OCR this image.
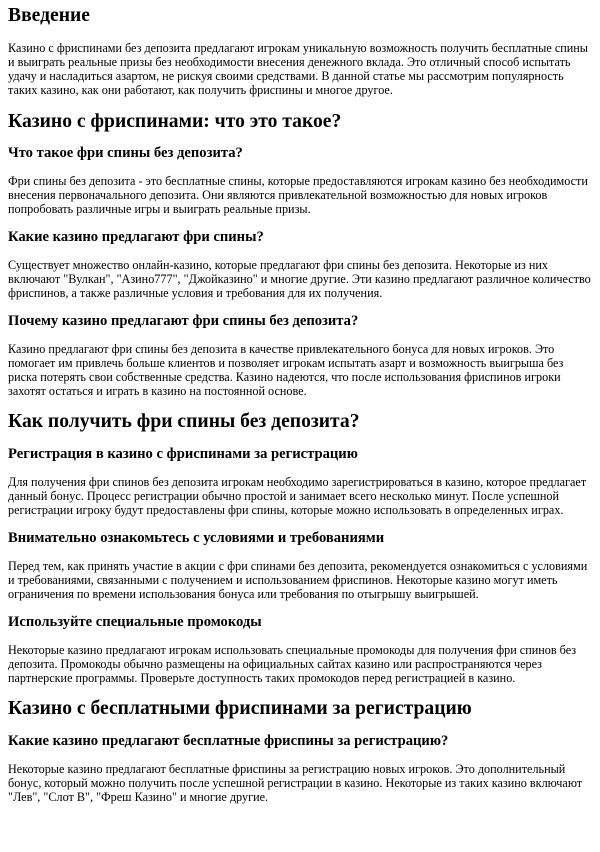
Введение

Казино с фриспинами без депозита предлагают игрокам уникальную возможность получить бесплатные спины и выиграть реальные призы без необходимости внесения денежного вклада. Это отличный способ испытать удачу и насладиться азартом, не рискуя своими средствами. В данной статье мы рассмотрим популярность таких казино, как они работают, как получить фриспины и многое другое.

Казино с фриспинами: что это такое?
Что такое фри спины без депозита?

Фри спины без депозита - это бесплатные спины, которые предоставляются игрокам казино без необходимости внесения первоначального депозита. Они являются привлекательной возможностью для новых игроков попробовать различные игры и выиграть реальные призы.

Какие казино предлагают фри спины?

Существует множество онлайн-казино, которые предлагают фри спины без депозита. Некоторые из них включают "Вулкан", "Азино777", "Джойказино" и многие другие. Эти казино предлагают различное количество фриспинов, а также различные условия и требования для их получения.

Почему казино предлагают фри спины без депозита?

Казино предлагают фри спины без депозита в качестве привлекательного бонуса для новых игроков. Это помогает им привлечь больше клиентов и позволяет игрокам испытать азарт и возможность выигрыша без риска потерять свои собственные средства. Казино надеются, что после использования фриспинов игроки захотят остаться и играть в казино на постоянной основе.

Как получить фри спины без депозита?
Регистрация в казино с фриспинами за регистрацию

Для получения фри спинов без депозита игрокам необходимо зарегистрироваться в казино, которое предлагает данный бонус. Процесс регистрации обычно простой и занимает всего несколько минут. После успешной регистрации игроку будут предоставлены фри спины, которые можно использовать в определенных играх.

Внимательно ознакомьтесь с условиями и требованиями

Перед тем, как принять участие в акции с фри спинами без депозита, рекомендуется ознакомиться с условиями и требованиями, связанными с получением и использованием фриспинов. Некоторые казино могут иметь ограничения по времени использования бонуса или требования по отыгрышу выигрышей.

Используйте специальные промокоды

Некоторые казино предлагают игрокам использовать специальные промокоды для получения фри спинов без депозита. Промокоды обычно размещены на официальных сайтах казино или распространяются через партнерские программы. Проверьте доступность таких промокодов перед регистрацией в казино.

Казино с бесплатными фриспинами за регистрацию
Какие казино предлагают бесплатные фриспины за регистрацию?

Некоторые казино предлагают бесплатные фриспины за регистрацию новых игроков. Это дополнительный бонус, который можно получить после успешной регистрации в казино. Некоторые из таких казино включают "Лев", "Слот В", "Фреш Казино" и многие другие.
